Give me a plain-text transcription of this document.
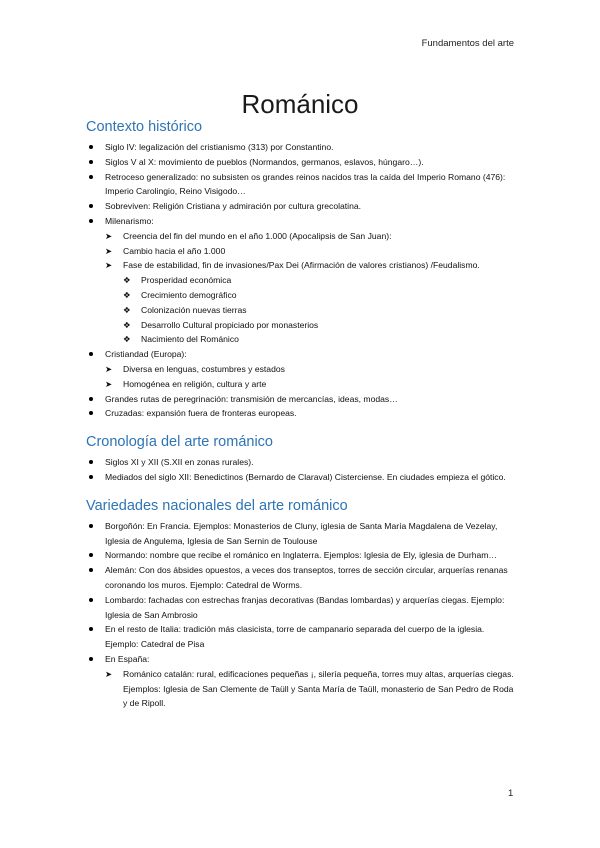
Fundamentos del arte
Románico
Contexto histórico
Siglo IV: legalización del cristianismo (313) por Constantino.
Siglos V al X: movimiento de pueblos (Normandos, germanos, eslavos, húngaro…).
Retroceso generalizado: no subsisten os grandes reinos nacidos tras la caída del Imperio Romano (476): Imperio Carolingio, Reino Visigodo…
Sobreviven: Religión Cristiana y admiración por cultura grecolatina.
Milenarismo:
➤ Creencia del fin del mundo en el año 1.000 (Apocalipsis de San Juan):
➤ Cambio hacia el año 1.000
➤ Fase de estabilidad, fin de invasiones/Pax Dei (Afirmación de valores cristianos) /Feudalismo.
❖ Prosperidad económica
❖ Crecimiento demográfico
❖ Colonización nuevas tierras
❖ Desarrollo Cultural propiciado por monasterios
❖ Nacimiento del Románico
Cristiandad (Europa):
➤ Diversa en lenguas, costumbres y estados
➤ Homogénea en religión, cultura y arte
Grandes rutas de peregrinación: transmisión de mercancías, ideas, modas…
Cruzadas: expansión fuera de fronteras europeas.
Cronología del arte románico
Siglos XI y XII (S.XII en zonas rurales).
Mediados del siglo XII: Benedictinos (Bernardo de Claraval) Cisterciense. En ciudades empieza el gótico.
Variedades nacionales del arte románico
Borgoñón: En Francia. Ejemplos: Monasterios de Cluny, iglesia de Santa María Magdalena de Vezelay, Iglesia de Angulema, Iglesia de San Sernin de Toulouse
Normando: nombre que recibe el románico en Inglaterra. Ejemplos: Iglesia de Ely, iglesia de Durham…
Alemán: Con dos ábsides opuestos, a veces dos transeptos, torres de sección circular, arquerías renanas coronando los muros. Ejemplo: Catedral de Worms.
Lombardo: fachadas con estrechas franjas decorativas (Bandas lombardas) y arquerías ciegas. Ejemplo: Iglesia de San Ambrosio
En el resto de Italia: tradición más clasicista, torre de campanario separada del cuerpo de la iglesia. Ejemplo: Catedral de Pisa
En España:
➤ Románico catalán: rural, edificaciones pequeñas ¡, silería pequeña, torres muy altas, arquerías ciegas. Ejemplos: Iglesia de San Clemente de Taüll y Santa María de Taüll, monasterio de San Pedro de Roda y de Ripoll.
1
